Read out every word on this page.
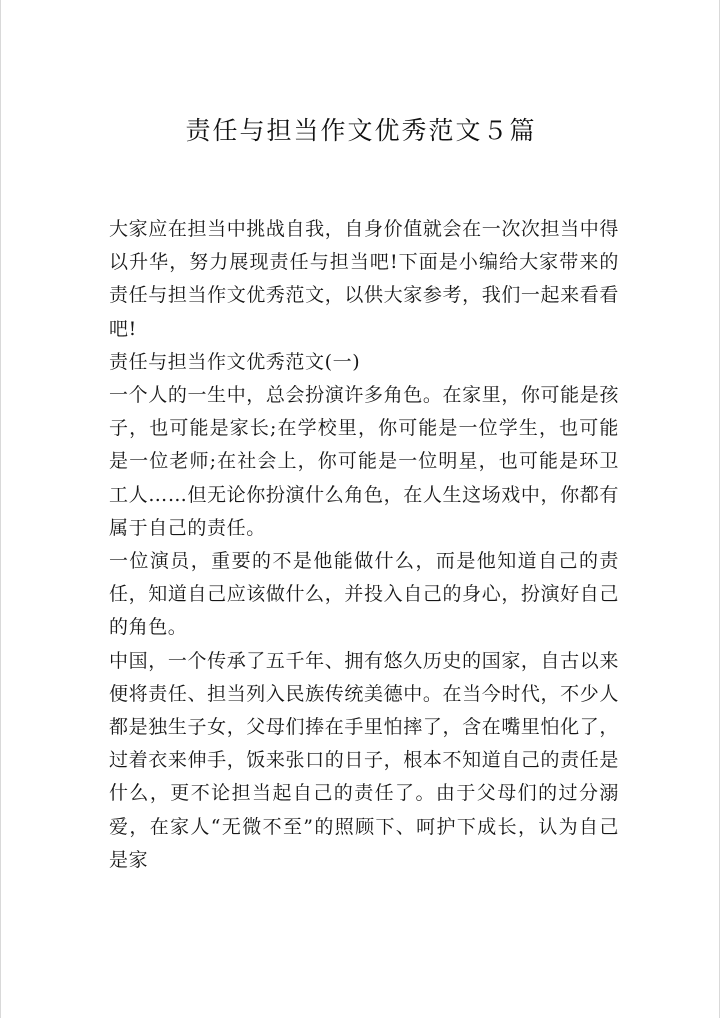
责任与担当作文优秀范文５篇

大家应在担当中挑战自我，自身价值就会在一次次担当中得以升华，努力展现责任与担当吧!下面是小编给大家带来的责任与担当作文优秀范文，以供大家参考，我们一起来看看吧!

责任与担当作文优秀范文(一)

一个人的一生中，总会扮演许多角色。在家里，你可能是孩子，也可能是家长;在学校里，你可能是一位学生，也可能是一位老师;在社会上，你可能是一位明星，也可能是环卫工人……但无论你扮演什么角色，在人生这场戏中，你都有属于自己的责任。

一位演员，重要的不是他能做什么，而是他知道自己的责任，知道自己应该做什么，并投入自己的身心，扮演好自己的角色。

中国，一个传承了五千年、拥有悠久历史的国家，自古以来便将责任、担当列入民族传统美德中。在当今时代，不少人都是独生子女，父母们捧在手里怕摔了，含在嘴里怕化了，过着衣来伸手，饭来张口的日子，根本不知道自己的责任是什么，更不论担当起自己的责任了。由于父母们的过分溺爱，在家人“无微不至”的照顾下、呵护下成长，认为自己是家
